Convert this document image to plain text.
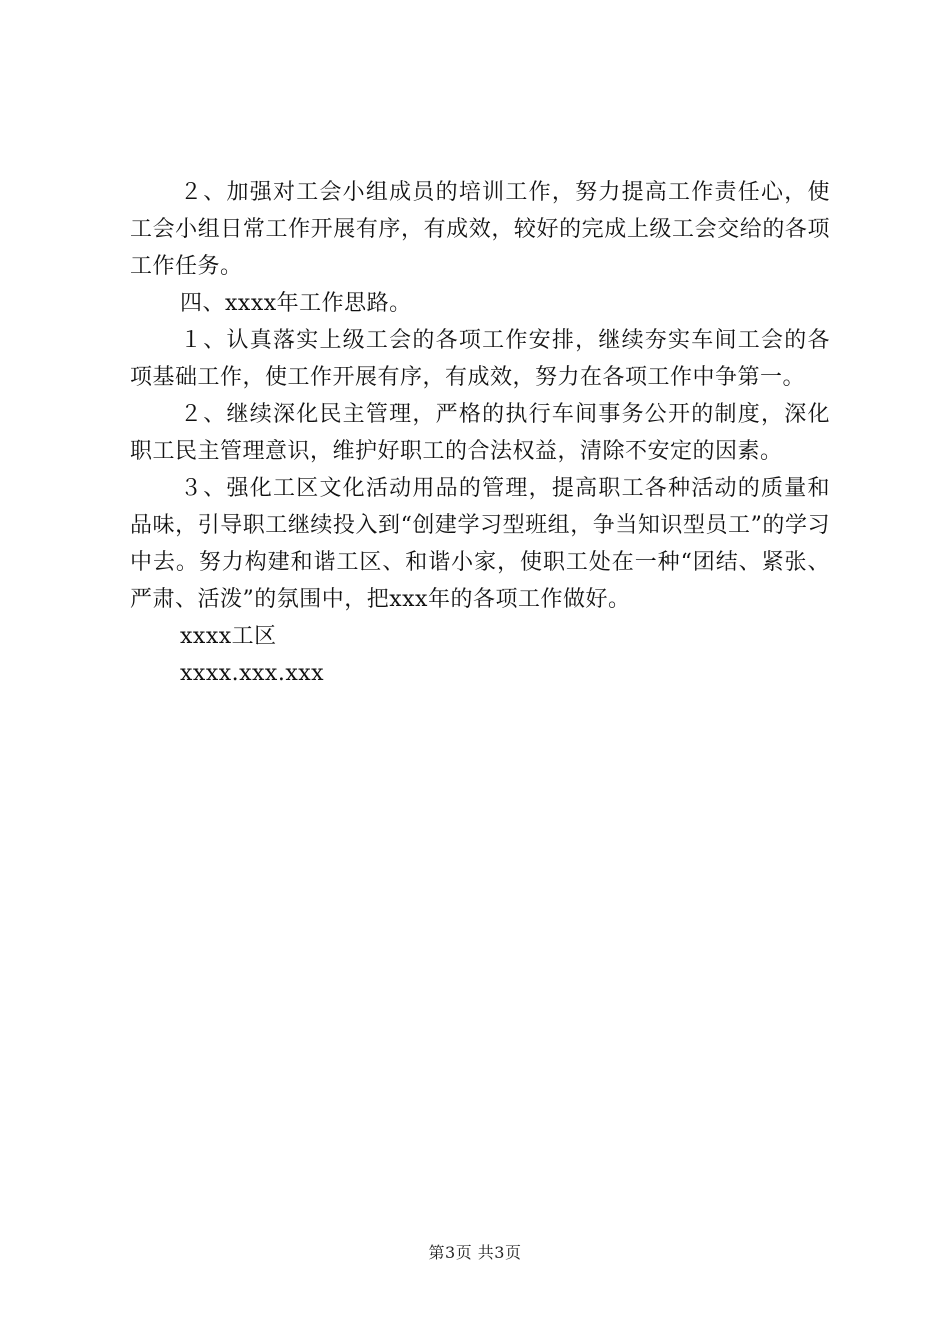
２、加强对工会小组成员的培训工作，努力提高工作责任心，使工会小组日常工作开展有序，有成效，较好的完成上级工会交给的各项工作任务。

四、xxxx年工作思路。

１、认真落实上级工会的各项工作安排，继续夯实车间工会的各项基础工作，使工作开展有序，有成效，努力在各项工作中争第一。

２、继续深化民主管理，严格的执行车间事务公开的制度，深化职工民主管理意识，维护好职工的合法权益，清除不安定的因素。

３、强化工区文化活动用品的管理，提高职工各种活动的质量和品味，引导职工继续投入到“创建学习型班组，争当知识型员工”的学习中去。努力构建和谐工区、和谐小家，使职工处在一种“团结、紧张、严肃、活泼”的氛围中，把xxx年的各项工作做好。

xxxx工区

xxxx.xxx.xxx

第3页 共3页
